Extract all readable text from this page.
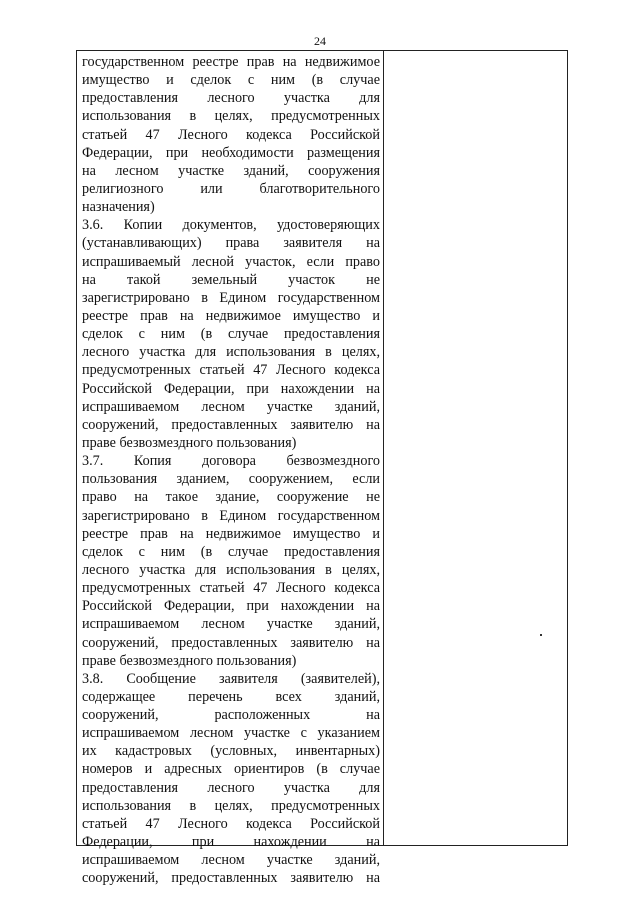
24
государственном реестре прав на недвижимое
имущество и сделок с ним (в случае
предоставления лесного участка для
использования в целях, предусмотренных
статьей 47 Лесного кодекса Российской
Федерации, при необходимости размещения
на лесном участке зданий, сооружения
религиозного или благотворительного
назначения)
3.6. Копии документов, удостоверяющих
(устанавливающих) права заявителя на
испрашиваемый лесной участок, если право
на такой земельный участок не
зарегистрировано в Едином государственном
реестре прав на недвижимое имущество и
сделок с ним (в случае предоставления
лесного участка для использования в целях,
предусмотренных статьей 47 Лесного кодекса
Российской Федерации, при нахождении на
испрашиваемом лесном участке зданий,
сооружений, предоставленных заявителю на
праве безвозмездного пользования)
3.7. Копия договора безвозмездного
пользования зданием, сооружением, если
право на такое здание, сооружение не
зарегистрировано в Едином государственном
реестре прав на недвижимое имущество и
сделок с ним (в случае предоставления
лесного участка для использования в целях,
предусмотренных статьей 47 Лесного кодекса
Российской Федерации, при нахождении на
испрашиваемом лесном участке зданий,
сооружений, предоставленных заявителю на
праве безвозмездного пользования)
3.8. Сообщение заявителя (заявителей),
содержащее перечень всех зданий,
сооружений, расположенных на
испрашиваемом лесном участке с указанием
их кадастровых (условных, инвентарных)
номеров и адресных ориентиров (в случае
предоставления лесного участка для
использования в целях, предусмотренных
статьей 47 Лесного кодекса Российской
Федерации, при нахождении на
испрашиваемом лесном участке зданий,
сооружений, предоставленных заявителю на
